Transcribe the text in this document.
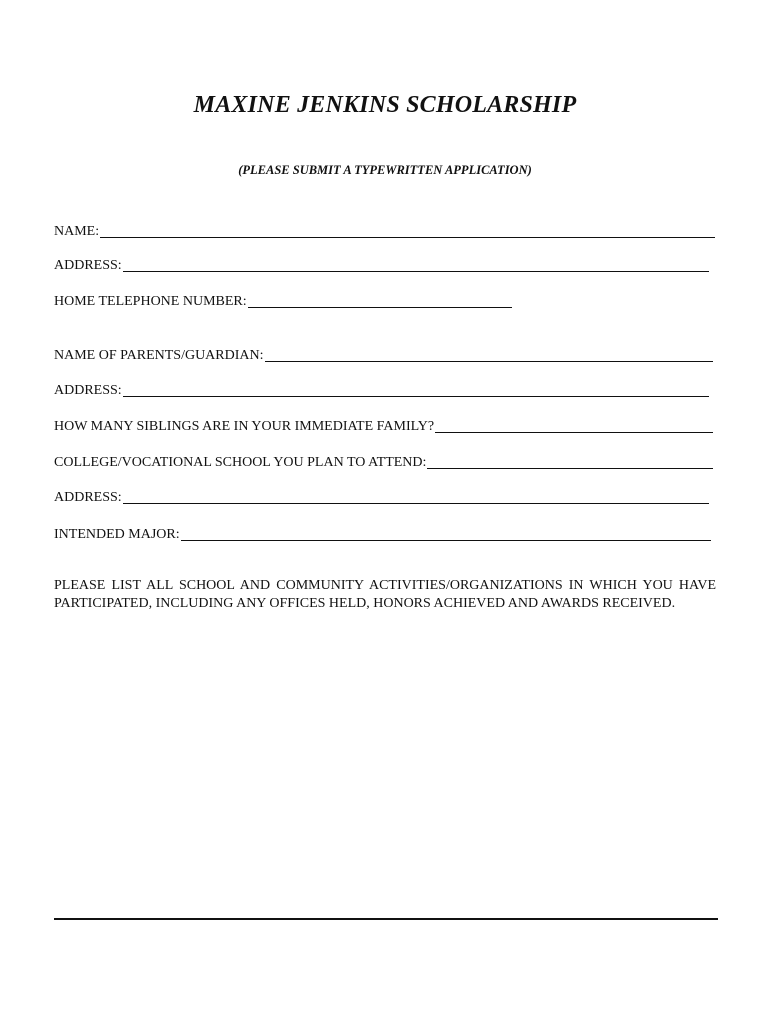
MAXINE JENKINS SCHOLARSHIP
(PLEASE SUBMIT A TYPEWRITTEN APPLICATION)
NAME:
ADDRESS:
HOME TELEPHONE NUMBER:
NAME OF PARENTS/GUARDIAN:
ADDRESS:
HOW MANY SIBLINGS ARE IN YOUR IMMEDIATE FAMILY?
COLLEGE/VOCATIONAL SCHOOL YOU PLAN TO ATTEND:
ADDRESS:
INTENDED MAJOR:
PLEASE LIST ALL SCHOOL AND COMMUNITY ACTIVITIES/ORGANIZATIONS IN WHICH YOU HAVE PARTICIPATED, INCLUDING ANY OFFICES HELD, HONORS ACHIEVED AND AWARDS RECEIVED.
